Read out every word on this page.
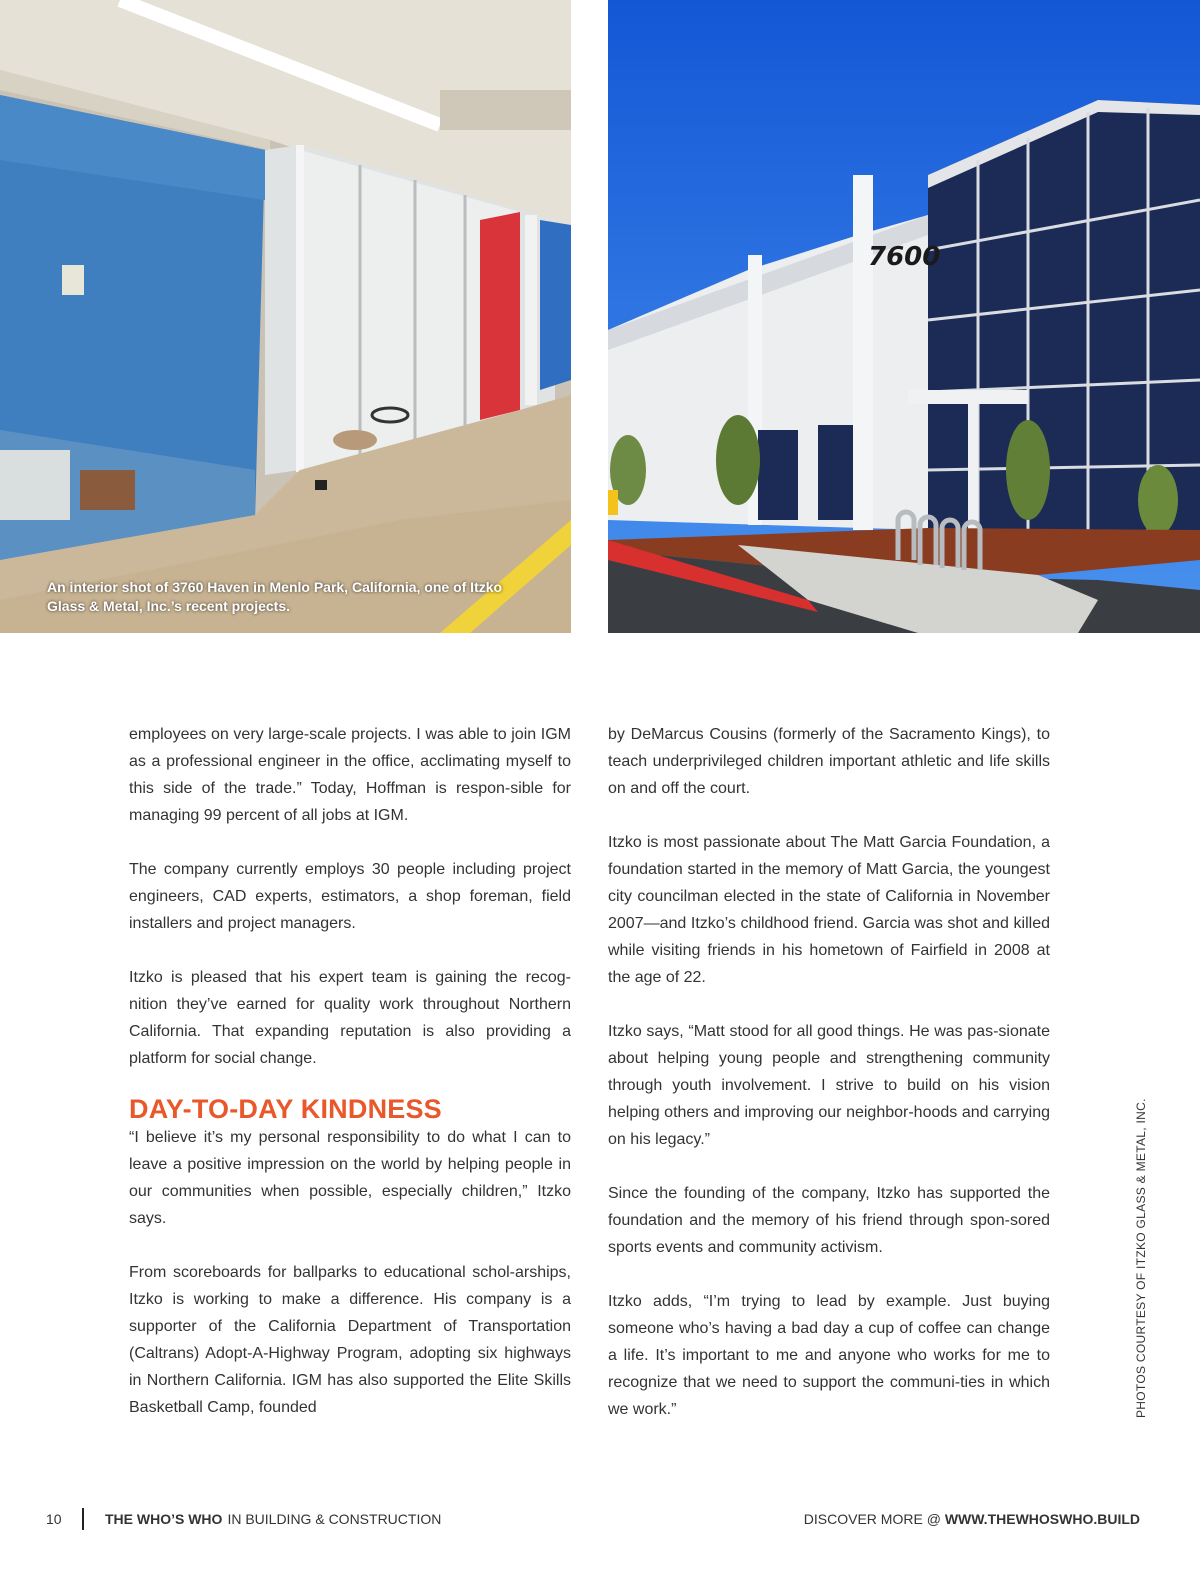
An interior shot of 3760 Haven in Menlo Park, California, one of Itzko Glass & Metal, Inc.’s recent projects.
7600

employees on very large-scale projects. I was able to join IGM as a professional engineer in the office, acclimating myself to this side of the trade.” Today, Hoffman is respon-sible for managing 99 percent of all jobs at IGM.

The company currently employs 30 people including project engineers, CAD experts, estimators, a shop foreman, field installers and project managers.

Itzko is pleased that his expert team is gaining the recog-nition they’ve earned for quality work throughout Northern California. That expanding reputation is also providing a platform for social change.

DAY-TO-DAY KINDNESS

“I believe it’s my personal responsibility to do what I can to leave a positive impression on the world by helping people in our communities when possible, especially children,” Itzko says.

From scoreboards for ballparks to educational schol-arships, Itzko is working to make a difference. His company is a supporter of the California Department of Transportation (Caltrans) Adopt-A-Highway Program, adopting six highways in Northern California. IGM has also supported the Elite Skills Basketball Camp, founded

by DeMarcus Cousins (formerly of the Sacramento Kings), to teach underprivileged children important athletic and life skills on and off the court.

Itzko is most passionate about The Matt Garcia Foundation, a foundation started in the memory of Matt Garcia, the youngest city councilman elected in the state of California in November 2007—and Itzko’s childhood friend. Garcia was shot and killed while visiting friends in his hometown of Fairfield in 2008 at the age of 22.

Itzko says, “Matt stood for all good things. He was pas-sionate about helping young people and strengthening community through youth involvement. I strive to build on his vision helping others and improving our neighbor-hoods and carrying on his legacy.”

Since the founding of the company, Itzko has supported the foundation and the memory of his friend through spon-sored sports events and community activism.

Itzko adds, “I’m trying to lead by example. Just buying someone who’s having a bad day a cup of coffee can change a life. It’s important to me and anyone who works for me to recognize that we need to support the communi-ties in which we work.”	PHOTOS COURTESY OF ITZKO GLASS & METAL, INC.
10	THE WHO’S WHO IN BUILDING & CONSTRUCTION	DISCOVER MORE @ WWW.THEWHOSWHO.BUILD
